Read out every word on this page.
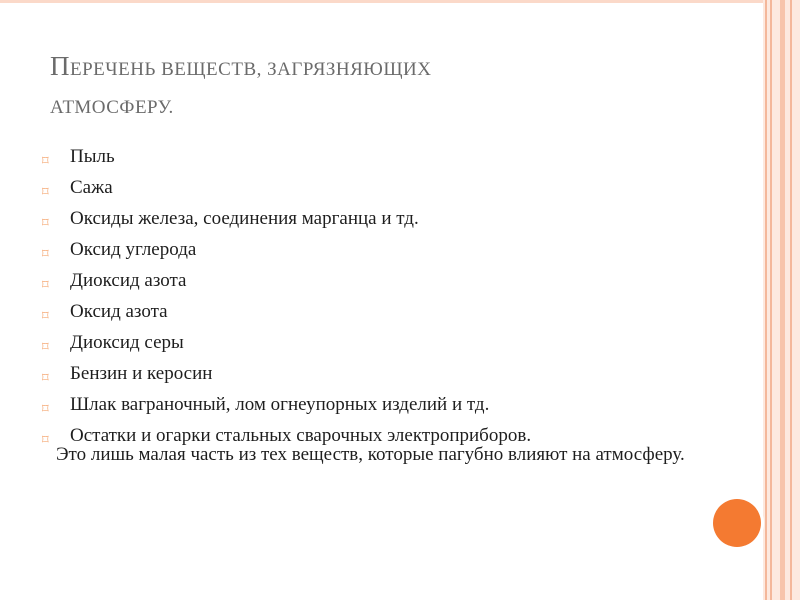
ПЕРЕЧЕНЬ ВЕЩЕСТВ, ЗАГРЯЗНЯЮЩИХ
АТМОСФЕРУ.
⌑ Пыль
⌑ Сажа
⌑ Оксиды железа, соединения марганца и тд.
⌑ Оксид углерода
⌑ Диоксид азота
⌑ Оксид азота
⌑ Диоксид серы
⌑ Бензин и керосин
⌑ Шлак ваграночный, лом огнеупорных изделий и тд.
⌑ Остатки и огарки стальных сварочных электроприборов.
Это лишь малая часть из тех веществ, которые пагубно влияют на атмосферу.
